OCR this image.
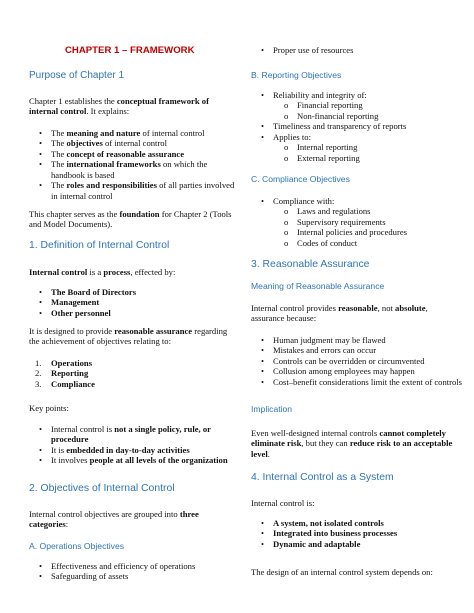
CHAPTER 1 – FRAMEWORK
Purpose of Chapter 1

Chapter 1 establishes the conceptual framework of internal control. It explains:

• The meaning and nature of internal control
• The objectives of internal control
• The concept of reasonable assurance
• The international frameworks on which the handbook is based
• The roles and responsibilities of all parties involved in internal control

This chapter serves as the foundation for Chapter 2 (Tools and Model Documents).

1. Definition of Internal Control

Internal control is a process, effected by:

• The Board of Directors
• Management
• Other personnel

It is designed to provide reasonable assurance regarding the achievement of objectives relating to:

1. Operations
2. Reporting
3. Compliance

Key points:

• Internal control is not a single policy, rule, or procedure
• It is embedded in day-to-day activities
• It involves people at all levels of the organization
2. Objectives of Internal Control

Internal control objectives are grouped into three categories:

A. Operations Objectives
• Effectiveness and efficiency of operations
• Safeguarding of assets
• Proper use of resources
B. Reporting Objectives
• Reliability and integrity of:
o Financial reporting
o Non-financial reporting
• Timeliness and transparency of reports
• Applies to:
o Internal reporting
o External reporting
C. Compliance Objectives
• Compliance with:
o Laws and regulations
o Supervisory requirements
o Internal policies and procedures
o Codes of conduct
3. Reasonable Assurance
Meaning of Reasonable Assurance

Internal control provides reasonable, not absolute, assurance because:

• Human judgment may be flawed
• Mistakes and errors can occur
• Controls can be overridden or circumvented
• Collusion among employees may happen
• Cost–benefit considerations limit the extent of controls
Implication

Even well-designed internal controls cannot completely eliminate risk, but they can reduce risk to an acceptable level.

4. Internal Control as a System

Internal control is:

• A system, not isolated controls
• Integrated into business processes
• Dynamic and adaptable

The design of an internal control system depends on:
